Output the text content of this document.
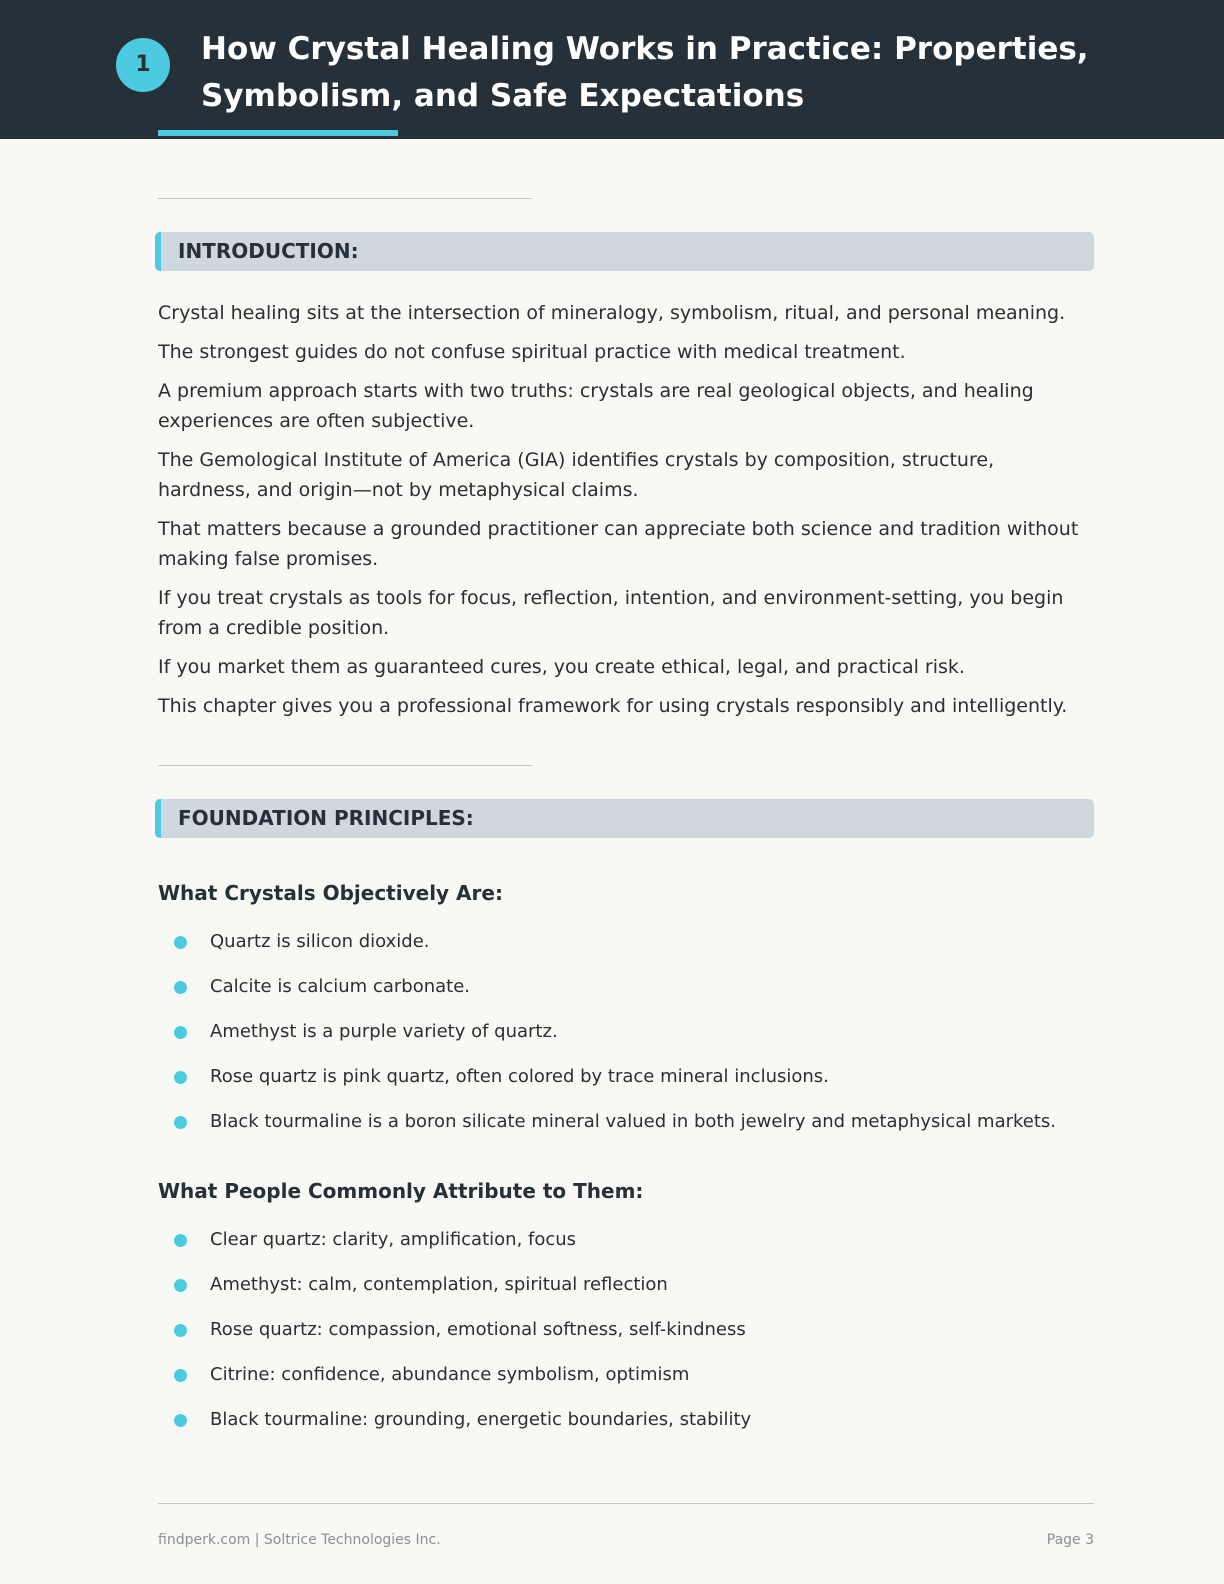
1	How Crystal Healing Works in Practice: Properties, Symbolism, and Safe Expectations
INTRODUCTION:

Crystal healing sits at the intersection of mineralogy, symbolism, ritual, and personal meaning.

The strongest guides do not confuse spiritual practice with medical treatment.

A premium approach starts with two truths: crystals are real geological objects, and healing experiences are often subjective.

The Gemological Institute of America (GIA) identifies crystals by composition, structure, hardness, and origin—not by metaphysical claims.

That matters because a grounded practitioner can appreciate both science and tradition without making false promises.

If you treat crystals as tools for focus, reflection, intention, and environment-setting, you begin from a credible position.

If you market them as guaranteed cures, you create ethical, legal, and practical risk.

This chapter gives you a professional framework for using crystals responsibly and intelligently.

FOUNDATION PRINCIPLES:
What Crystals Objectively Are:
Quartz is silicon dioxide.
Calcite is calcium carbonate.
Amethyst is a purple variety of quartz.
Rose quartz is pink quartz, often colored by trace mineral inclusions.
Black tourmaline is a boron silicate mineral valued in both jewelry and metaphysical markets.
What People Commonly Attribute to Them:
Clear quartz: clarity, amplification, focus
Amethyst: calm, contemplation, spiritual reflection
Rose quartz: compassion, emotional softness, self-kindness
Citrine: confidence, abundance symbolism, optimism
Black tourmaline: grounding, energetic boundaries, stability
findperk.com | Soltrice Technologies Inc.	Page 3
